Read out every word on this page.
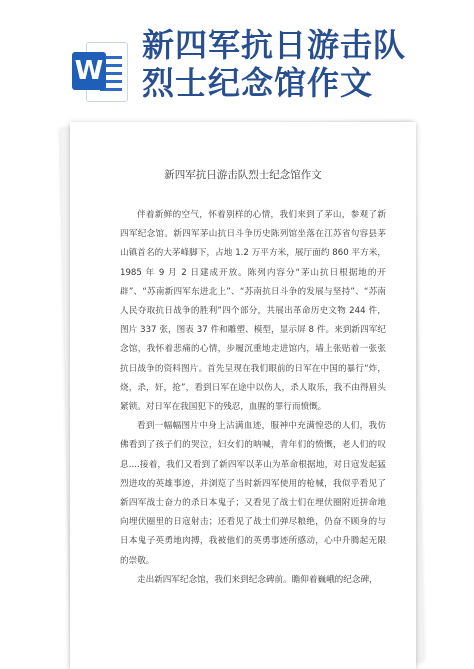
W
新四军抗日游击队
烈士纪念馆作文
新四军抗日游击队烈士纪念馆作文

伴着新鲜的空气，怀着别样的心情，我们来到了茅山，参观了新四军纪念馆。新四军茅山抗日斗争历史陈列馆坐落在江苏省句容县茅山镇首名的大茅峰脚下，占地 1.2 万平方米，展厅面约 860 平方米，1985 年 9 月 2 日建成开放。陈列内容分“茅山抗日根据地的开辟”、“苏南新四军东进北上”、“苏南抗日斗争的发展与坚持”、“苏南人民夺取抗日战争的胜利”四个部分，共展出革命历史文物 244 件，图片 337 张，图表 37 件和雕塑、模型，显示屏 8 件。来到新四军纪念馆，我怀着悲痛的心情，步履沉重地走进馆内，墙上张贴着一张张抗日战争的资料图片。首先呈现在我们眼前的日军在中国的暴行“炸，烧，杀，奸，抢”，看到日军在途中以伤人，杀人取乐，我不由得眉头紧锁。对日军在我国犯下的残忍，血腥的罪行而愤慨。

看到一幅幅图片中身上沾满血迹，服神中充满惶恐的人们，我仿佛看到了孩子们的哭泣，妇女们的呐喊，青年们的愤慨，老人们的叹息....接着，我们又看到了新四军以茅山为革命根据地，对日寇发起猛烈进攻的英雄事迹，并浏览了当时新四军使用的枪械，我似乎看见了新四军战士奋力的杀日本鬼子；又看见了战士们在埋伏圈附近拼命地向埋伏圈里的日寇射击；还看见了战士们弹尽粮绝，仍奋不顾身的与日本鬼子英勇地肉搏，我被他们的英勇事迹所感动，心中升腾起无限的崇敬。

走出新四军纪念馆，我们来到纪念碑前。瞻仰着巍峨的纪念碑，
